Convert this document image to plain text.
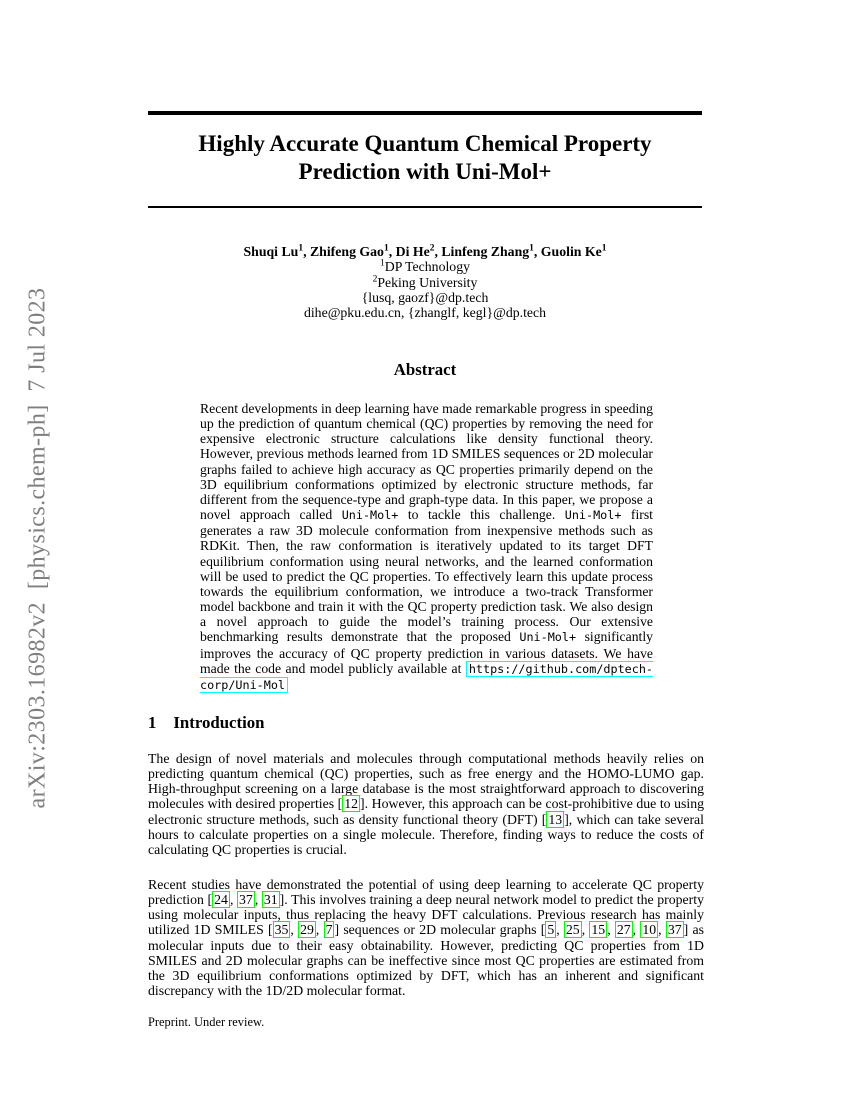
arXiv:2303.16982v2  [physics.chem-ph]  7 Jul 2023
Highly Accurate Quantum Chemical Property Prediction with Uni-Mol+
Shuqi Lu$^1$, Zhifeng Gao$^1$, Di He$^2$, Linfeng Zhang$^1$, Guolin Ke$^1$
$^1$DP Technology
$^2$Peking University
{lusq, gaozf}@dp.tech
dihe@pku.edu.cn, {zhanglf, kegl}@dp.tech
Abstract
Recent developments in deep learning have made remarkable progress in speeding up the prediction of quantum chemical (QC) properties by removing the need for expensive electronic structure calculations like density functional theory. However, previous methods learned from 1D SMILES sequences or 2D molecular graphs failed to achieve high accuracy as QC properties primarily depend on the 3D equilibrium conformations optimized by electronic structure methods, far different from the sequence-type and graph-type data. In this paper, we propose a novel approach called Uni-Mol+ to tackle this challenge. Uni-Mol+ first generates a raw 3D molecule conformation from inexpensive methods such as RDKit. Then, the raw conformation is iteratively updated to its target DFT equilibrium conformation using neural networks, and the learned conformation will be used to predict the QC properties. To effectively learn this update process towards the equilibrium conformation, we introduce a two-track Transformer model backbone and train it with the QC property prediction task. We also design a novel approach to guide the model’s training process. Our extensive benchmarking results demonstrate that the proposed Uni-Mol+ significantly improves the accuracy of QC property prediction in various datasets. We have made the code and model publicly available at https://github.com/dptech-corp/Uni-Mol
1 Introduction
The design of novel materials and molecules through computational methods heavily relies on predicting quantum chemical (QC) properties, such as free energy and the HOMO-LUMO gap. High-throughput screening on a large database is the most straightforward approach to discovering molecules with desired properties [ 12 ]. However, this approach can be cost-prohibitive due to using electronic structure methods, such as density functional theory (DFT) [ 13 ], which can take several hours to calculate properties on a single molecule. Therefore, finding ways to reduce the costs of calculating QC properties is crucial.
Recent studies have demonstrated the potential of using deep learning to accelerate QC property prediction [ 24 , 37 , 31 ]. This involves training a deep neural network model to predict the property using molecular inputs, thus replacing the heavy DFT calculations. Previous research has mainly utilized 1D SMILES [ 35 , 29 , 7 ] sequences or 2D molecular graphs [ 5 , 25 , 15 , 27 , 10 , 37 ] as molecular inputs due to their easy obtainability. However, predicting QC properties from 1D SMILES and 2D molecular graphs can be ineffective since most QC properties are estimated from the 3D equilibrium conformations optimized by DFT, which has an inherent and significant discrepancy with the 1D/2D molecular format.
Preprint. Under review.
